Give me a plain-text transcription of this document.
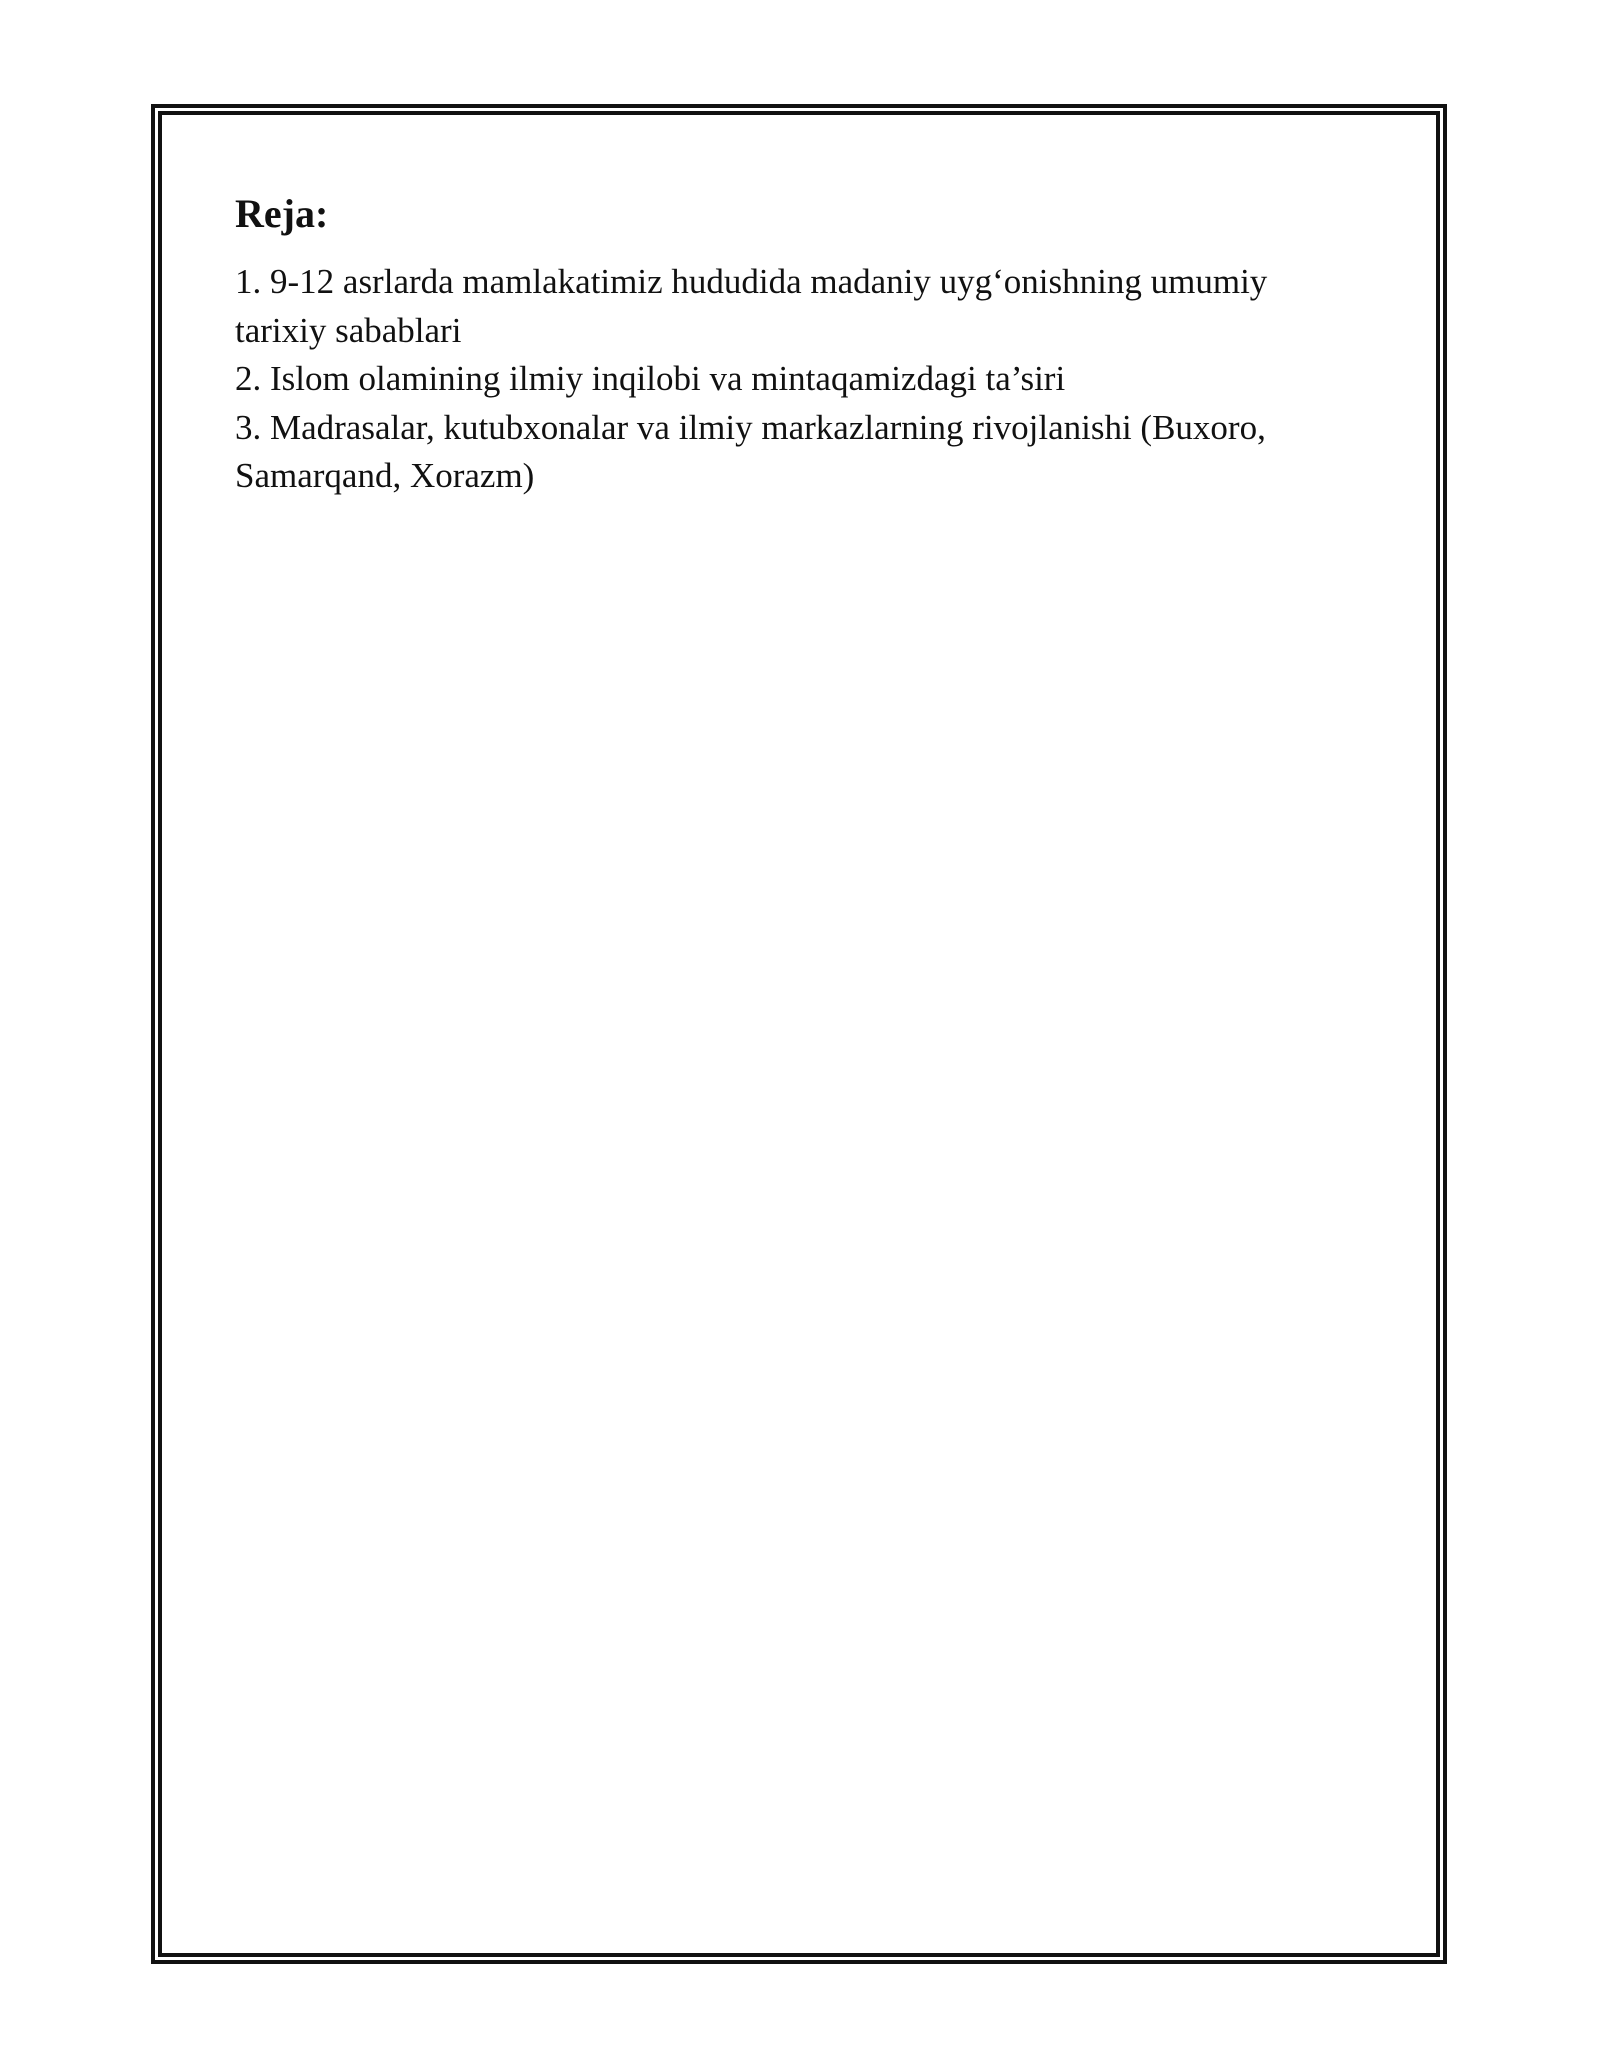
Reja:

1. 9-12 asrlarda mamlakatimiz hududida madaniy uyg‘onishning umumiy tarixiy sabablari

2. Islom olamining ilmiy inqilobi va mintaqamizdagi ta’siri

3. Madrasalar, kutubxonalar va ilmiy markazlarning rivojlanishi (Buxoro, Samarqand, Xorazm)
